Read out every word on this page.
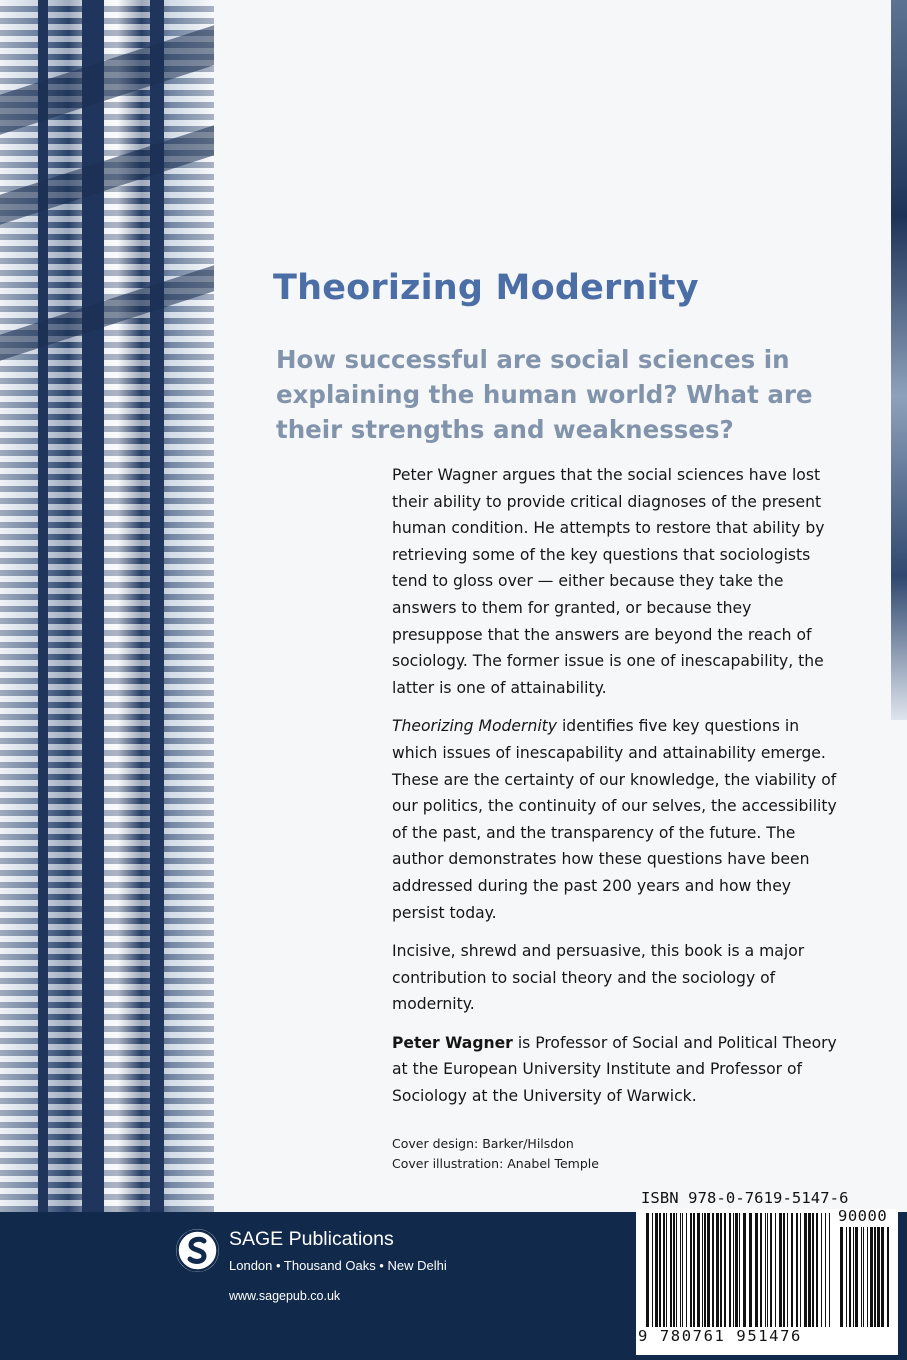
Theorizing Modernity
How successful are social sciences in explaining the human world? What are their strengths and weaknesses?

Peter Wagner argues that the social sciences have lost their ability to provide critical diagnoses of the present human condition. He attempts to restore that ability by retrieving some of the key questions that sociologists tend to gloss over — either because they take the answers to them for granted, or because they presuppose that the answers are beyond the reach of sociology. The former issue is one of inescapability, the latter is one of attainability.

Theorizing Modernity identifies five key questions in which issues of inescapability and attainability emerge. These are the certainty of our knowledge, the viability of our politics, the continuity of our selves, the accessibility of the past, and the transparency of the future. The author demonstrates how these questions have been addressed during the past 200 years and how they persist today.

Incisive, shrewd and persuasive, this book is a major contribution to social theory and the sociology of modernity.

Peter Wagner is Professor of Social and Political Theory at the European University Institute and Professor of Sociology at the University of Warwick.

Cover design: Barker/Hilsdon
Cover illustration: Anabel Temple
SAGE Publications
London • Thousand Oaks • New Delhi
www.sagepub.co.uk
ISBN 978-0-7619-5147-6
90000
9 780761 951476
